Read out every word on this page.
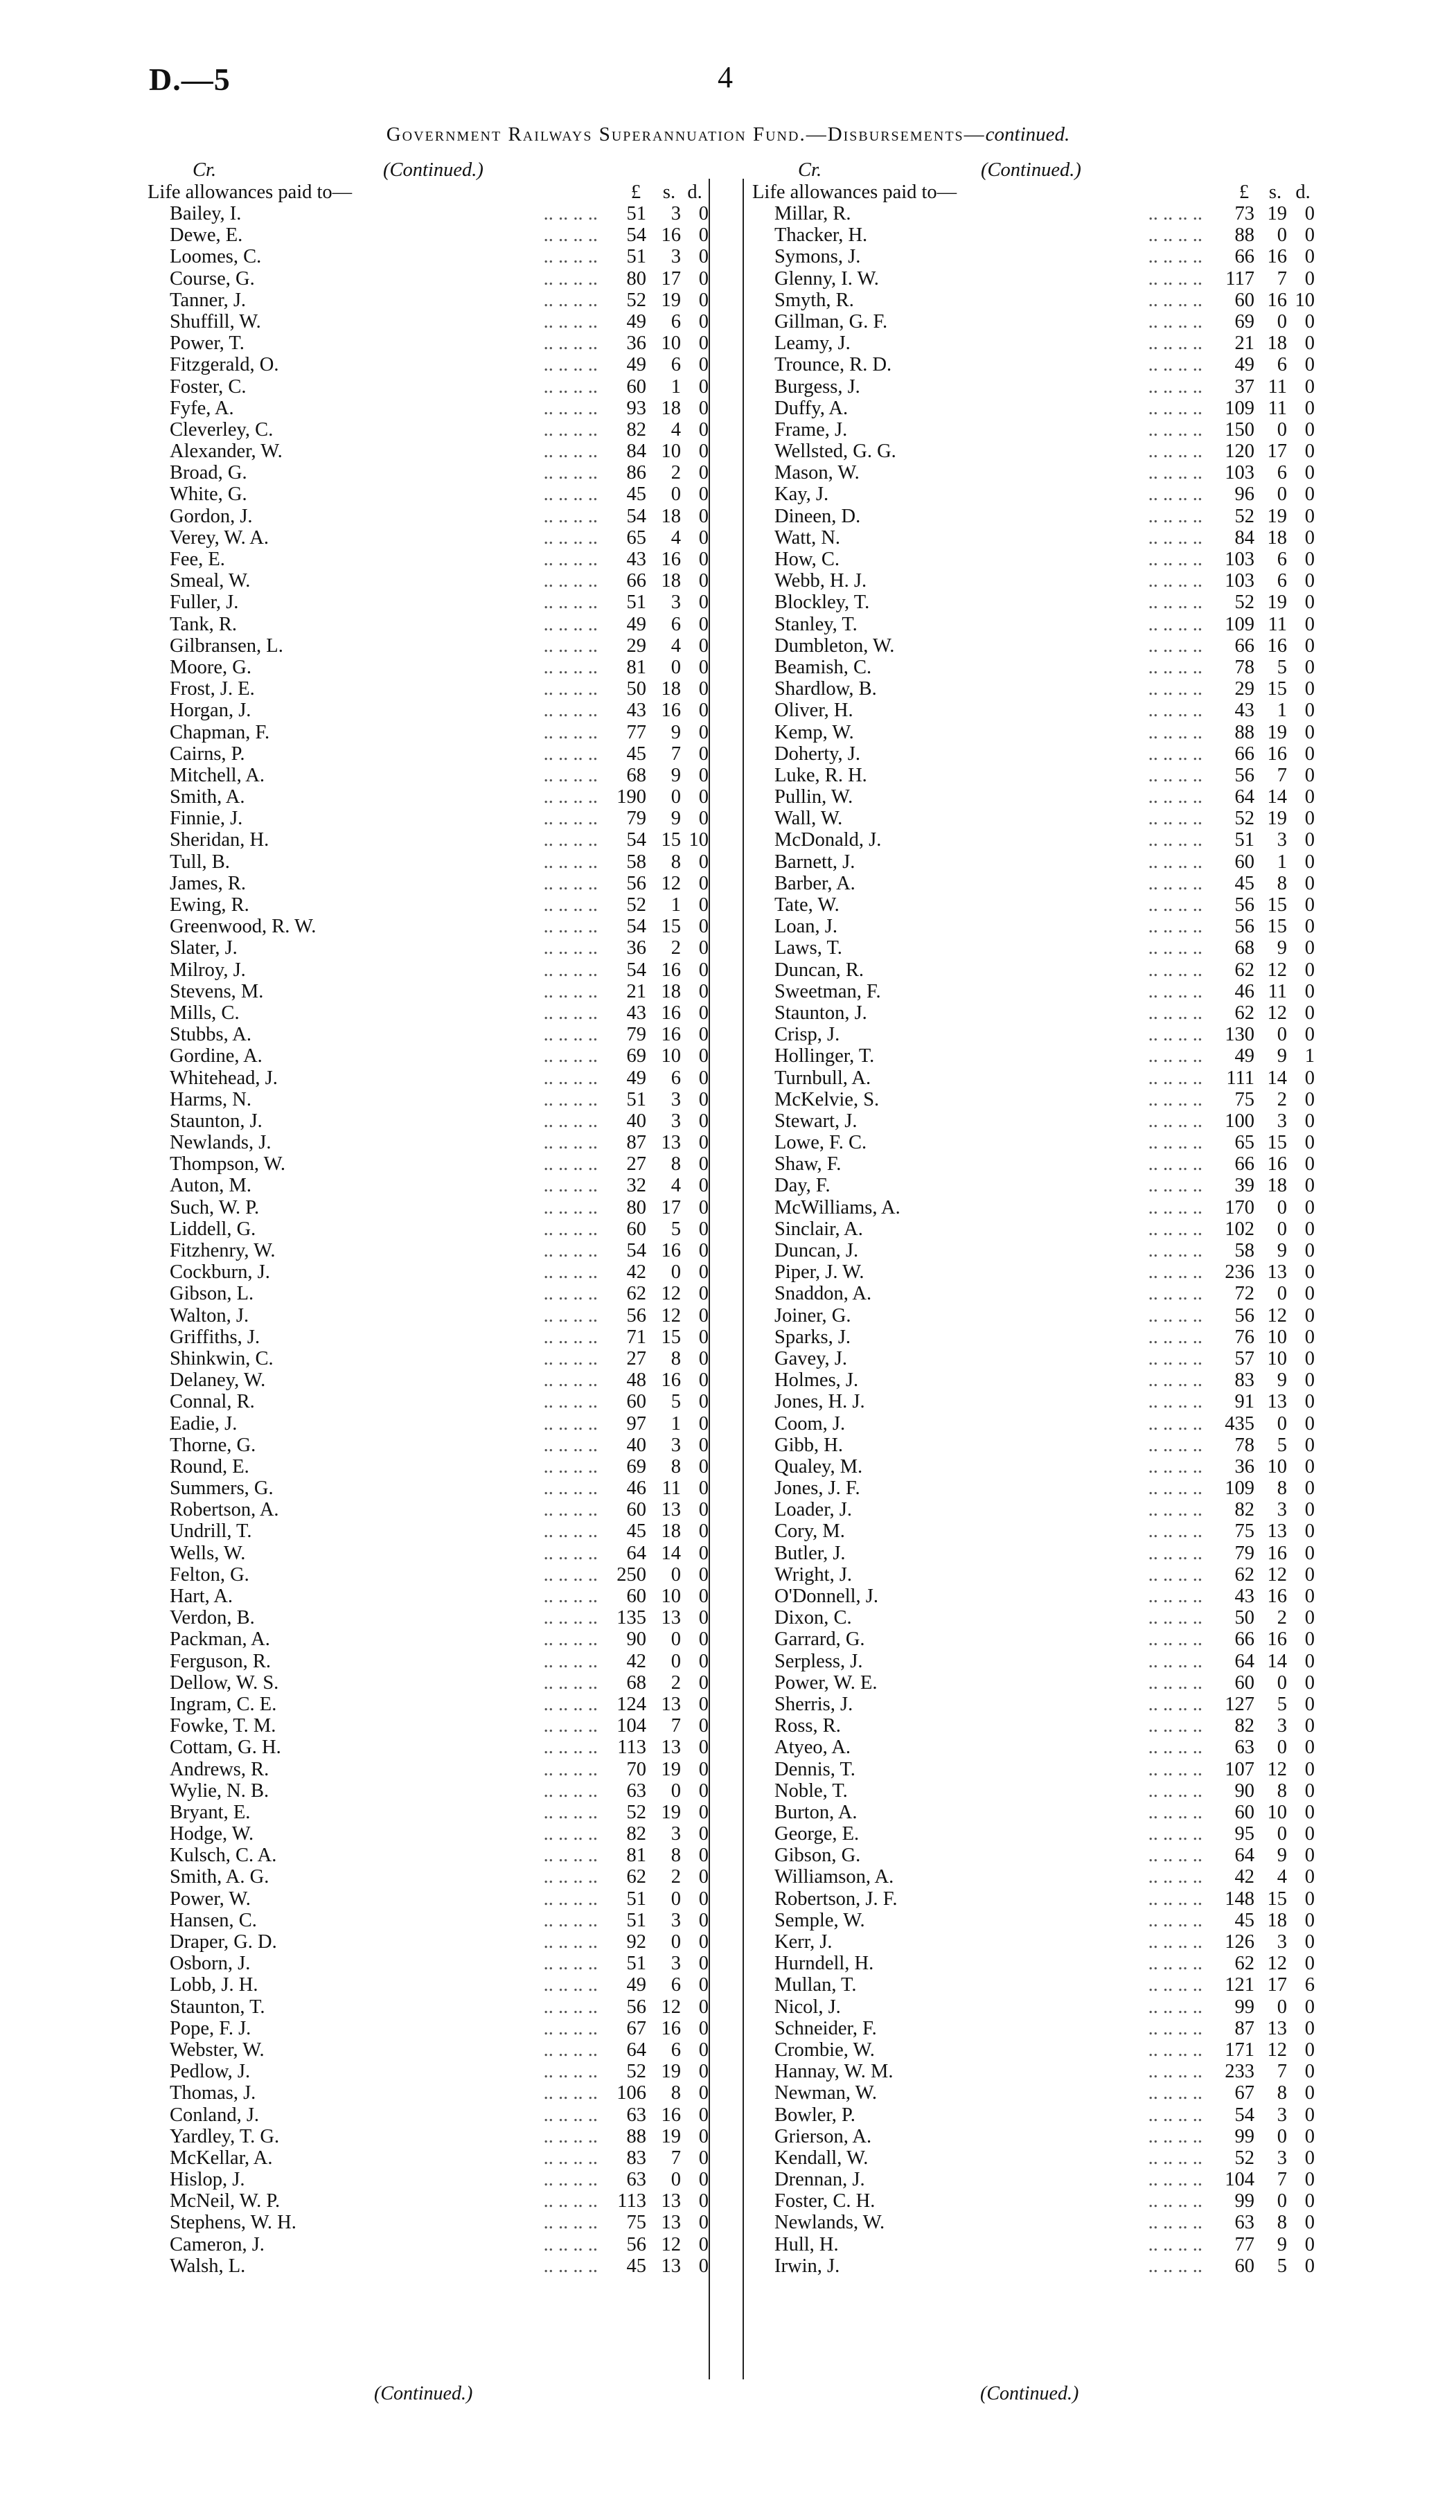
D.—5	4
Government Railways Superannuation Fund.—Disbursements—continued.
Cr.	(Continued.)
Life allowances paid to—	£ s. d.
Bailey, I.	51	3 0
.. .. .. ..
Dewe, E.	54 16 0
.. .. .. ..
Loomes, C.	51	3 0
.. .. .. ..
Course, G.	80 17 0
.. .. .. ..
Tanner, J.	52 19 0
.. .. .. ..
Shuffill, W.	49	6 0
.. .. .. ..
Power, T.	36 10 0
.. .. .. ..
Fitzgerald, O.	49	6 0
.. .. .. ..
Foster, C.	60	1 0
.. .. .. ..
Fyfe, A.	93 18 0
.. .. .. ..
Cleverley, C.	82	4 0
.. .. .. ..
Alexander, W.	84 10 0
.. .. .. ..
Broad, G.	86	2 0
.. .. .. ..
White, G.	45	0 0
.. .. .. ..
Gordon, J.	54 18 0
.. .. .. ..
Verey, W. A.	65	4 0
.. .. .. ..
Fee, E.	43 16 0
.. .. .. ..
Smeal, W.	66 18 0
.. .. .. ..
Fuller, J.	51	3 0
.. .. .. ..
Tank, R.	49	6 0
.. .. .. ..
Gilbransen, L.	29	4 0
.. .. .. ..
Moore, G.	81	0 0
.. .. .. ..
Frost, J. E.	50 18 0
.. .. .. ..
Horgan, J.	43 16 0
.. .. .. ..
Chapman, F.	77	9 0
.. .. .. ..
Cairns, P.	45	7 0
.. .. .. ..
Mitchell, A.	68	9 0
.. .. .. ..
Smith, A.	190	0 0
.. .. .. ..
Finnie, J.	79	9 0
.. .. .. ..
Sheridan, H.	54 15 10
.. .. .. ..
Tull, B.	58	8 0
.. .. .. ..
James, R.	56 12 0
.. .. .. ..
Ewing, R.	52	1 0
.. .. .. ..
Greenwood, R. W.	54 15 0
.. .. .. ..
Slater, J.	36	2 0
.. .. .. ..
Milroy, J.	54 16 0
.. .. .. ..
Stevens, M.	21 18 0
.. .. .. ..
Mills, C.	43 16 0
.. .. .. ..
Stubbs, A.	79 16 0
.. .. .. ..
Gordine, A.	69 10 0
.. .. .. ..
Whitehead, J.	49	6 0
.. .. .. ..
Harms, N.	51	3 0
.. .. .. ..
Staunton, J.	40	3 0
.. .. .. ..
Newlands, J.	87 13 0
.. .. .. ..
Thompson, W.	27	8 0
.. .. .. ..
Auton, M.	32	4 0
.. .. .. ..
Such, W. P.	80 17 0
.. .. .. ..
Liddell, G.	60	5 0
.. .. .. ..
Fitzhenry, W.	54 16 0
.. .. .. ..
Cockburn, J.	42	0 0
.. .. .. ..
Gibson, L.	62 12 0
.. .. .. ..
Walton, J.	56 12 0
.. .. .. ..
Griffiths, J.	71 15 0
.. .. .. ..
Shinkwin, C.	27	8 0
.. .. .. ..
Delaney, W.	48 16 0
.. .. .. ..
Connal, R.	60	5 0
.. .. .. ..
Eadie, J.	97	1 0
.. .. .. ..
Thorne, G.	40	3 0
.. .. .. ..
Round, E.	69	8 0
.. .. .. ..
Summers, G.	46 11 0
.. .. .. ..
Robertson, A.	60 13 0
.. .. .. ..
Undrill, T.	45 18 0
.. .. .. ..
Wells, W.	64 14 0
.. .. .. ..
Felton, G.	250	0 0
.. .. .. ..
Hart, A.	60 10 0
.. .. .. ..
Verdon, B.	135 13 0
.. .. .. ..
Packman, A.	90	0 0
.. .. .. ..
Ferguson, R.	42	0 0
.. .. .. ..
Dellow, W. S.	68	2 0
.. .. .. ..
Ingram, C. E.	124 13 0
.. .. .. ..
Fowke, T. M.	104	7 0
.. .. .. ..
Cottam, G. H.	113 13 0
.. .. .. ..
Andrews, R.	70 19 0
.. .. .. ..
Wylie, N. B.	63	0 0
.. .. .. ..
Bryant, E.	52 19 0
.. .. .. ..
Hodge, W.	82	3 0
.. .. .. ..
Kulsch, C. A.	81	8 0
.. .. .. ..
Smith, A. G.	62	2 0
.. .. .. ..
Power, W.	51	0 0
.. .. .. ..
Hansen, C.	51	3 0
.. .. .. ..
Draper, G. D.	92	0 0
.. .. .. ..
Osborn, J.	51	3 0
.. .. .. ..
Lobb, J. H.	49	6 0
.. .. .. ..
Staunton, T.	56 12 0
.. .. .. ..
Pope, F. J.	67 16 0
.. .. .. ..
Webster, W.	64	6 0
.. .. .. ..
Pedlow, J.	52 19 0
.. .. .. ..
Thomas, J.	106	8 0
.. .. .. ..
Conland, J.	63 16 0
.. .. .. ..
Yardley, T. G.	88 19 0
.. .. .. ..
McKellar, A.	83	7 0
.. .. .. ..
Hislop, J.	63	0 0
.. .. .. ..
McNeil, W. P.	113 13 0
.. .. .. ..
Stephens, W. H.	75 13 0
.. .. .. ..
Cameron, J.	56 12 0
.. .. .. ..
Walsh, L.	45 13 0
.. .. .. ..
Cr.	(Continued.)
Life allowances paid to—	£ s. d.
Millar, R.	73 19 0
.. .. .. ..
Thacker, H.	88	0 0
.. .. .. ..
Symons, J.	66 16 0
.. .. .. ..
Glenny, I. W.	117	7 0
.. .. .. ..
Smyth, R.	60 16 10
.. .. .. ..
Gillman, G. F.	69	0 0
.. .. .. ..
Leamy, J.	21 18 0
.. .. .. ..
Trounce, R. D.	49	6 0
.. .. .. ..
Burgess, J.	37 11 0
.. .. .. ..
Duffy, A.	109 11 0
.. .. .. ..
Frame, J.	150	0 0
.. .. .. ..
Wellsted, G. G.	120 17 0
.. .. .. ..
Mason, W.	103	6 0
.. .. .. ..
Kay, J.	96	0 0
.. .. .. ..
Dineen, D.	52 19 0
.. .. .. ..
Watt, N.	84 18 0
.. .. .. ..
How, C.	103	6 0
.. .. .. ..
Webb, H. J.	103	6 0
.. .. .. ..
Blockley, T.	52 19 0
.. .. .. ..
Stanley, T.	109 11 0
.. .. .. ..
Dumbleton, W.	66 16 0
.. .. .. ..
Beamish, C.	78	5 0
.. .. .. ..
Shardlow, B.	29 15 0
.. .. .. ..
Oliver, H.	43	1 0
.. .. .. ..
Kemp, W.	88 19 0
.. .. .. ..
Doherty, J.	66 16 0
.. .. .. ..
Luke, R. H.	56	7 0
.. .. .. ..
Pullin, W.	64 14 0
.. .. .. ..
Wall, W.	52 19 0
.. .. .. ..
McDonald, J.	51	3 0
.. .. .. ..
Barnett, J.	60	1 0
.. .. .. ..
Barber, A.	45	8 0
.. .. .. ..
Tate, W.	56 15 0
.. .. .. ..
Loan, J.	56 15 0
.. .. .. ..
Laws, T.	68	9 0
.. .. .. ..
Duncan, R.	62 12 0
.. .. .. ..
Sweetman, F.	46 11 0
.. .. .. ..
Staunton, J.	62 12 0
.. .. .. ..
Crisp, J.	130	0 0
.. .. .. ..
Hollinger, T.	49	9 1
.. .. .. ..
Turnbull, A.	111 14 0
.. .. .. ..
McKelvie, S.	75	2 0
.. .. .. ..
Stewart, J.	100	3 0
.. .. .. ..
Lowe, F. C.	65 15 0
.. .. .. ..
Shaw, F.	66 16 0
.. .. .. ..
Day, F.	39 18 0
.. .. .. ..
McWilliams, A.	170	0 0
.. .. .. ..
Sinclair, A.	102	0 0
.. .. .. ..
Duncan, J.	58	9 0
.. .. .. ..
Piper, J. W.	236 13 0
.. .. .. ..
Snaddon, A.	72	0 0
.. .. .. ..
Joiner, G.	56 12 0
.. .. .. ..
Sparks, J.	76 10 0
.. .. .. ..
Gavey, J.	57 10 0
.. .. .. ..
Holmes, J.	83	9 0
.. .. .. ..
Jones, H. J.	91 13 0
.. .. .. ..
Coom, J.	435	0 0
.. .. .. ..
Gibb, H.	78	5 0
.. .. .. ..
Qualey, M.	36 10 0
.. .. .. ..
Jones, J. F.	109	8 0
.. .. .. ..
Loader, J.	82	3 0
.. .. .. ..
Cory, M.	75 13 0
.. .. .. ..
Butler, J.	79 16 0
.. .. .. ..
Wright, J.	62 12 0
.. .. .. ..
O'Donnell, J.	43 16 0
.. .. .. ..
Dixon, C.	50	2 0
.. .. .. ..
Garrard, G.	66 16 0
.. .. .. ..
Serpless, J.	64 14 0
.. .. .. ..
Power, W. E.	60	0 0
.. .. .. ..
Sherris, J.	127	5 0
.. .. .. ..
Ross, R.	82	3 0
.. .. .. ..
Atyeo, A.	63	0 0
.. .. .. ..
Dennis, T.	107 12 0
.. .. .. ..
Noble, T.	90	8 0
.. .. .. ..
Burton, A.	60 10 0
.. .. .. ..
George, E.	95	0 0
.. .. .. ..
Gibson, G.	64	9 0
.. .. .. ..
Williamson, A.	42	4 0
.. .. .. ..
Robertson, J. F.	148 15 0
.. .. .. ..
Semple, W.	45 18 0
.. .. .. ..
Kerr, J.	126	3 0
.. .. .. ..
Hurndell, H.	62 12 0
.. .. .. ..
Mullan, T.	121 17 6
.. .. .. ..
Nicol, J.	99	0 0
.. .. .. ..
Schneider, F.	87 13 0
.. .. .. ..
Crombie, W.	171 12 0
.. .. .. ..
Hannay, W. M.	233	7 0
.. .. .. ..
Newman, W.	67	8 0
.. .. .. ..
Bowler, P.	54	3 0
.. .. .. ..
Grierson, A.	99	0 0
.. .. .. ..
Kendall, W.	52	3 0
.. .. .. ..
Drennan, J.	104	7 0
.. .. .. ..
Foster, C. H.	99	0 0
.. .. .. ..
Newlands, W.	63	8 0
.. .. .. ..
Hull, H.	77	9 0
.. .. .. ..
Irwin, J.	60	5 0
.. .. .. ..
(Continued.)	(Continued.)
